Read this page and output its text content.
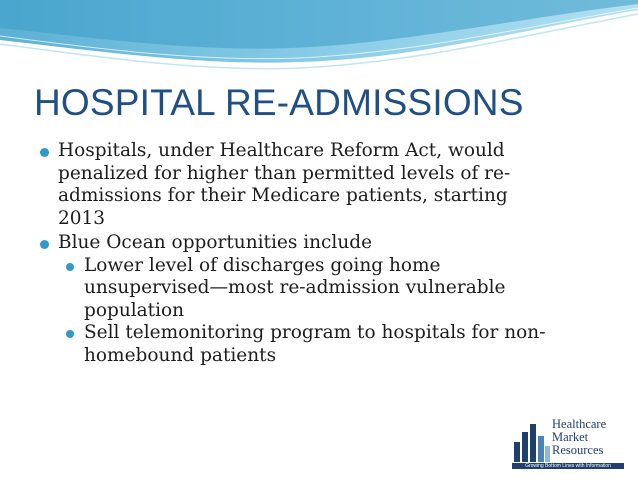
HOSPITAL RE-ADMISSIONS

Hospitals, under Healthcare Reform Act, would
penalized for higher than permitted levels of re-
admissions for their Medicare patients, starting
2013

Blue Ocean opportunities include

Lower level of discharges going home
unsupervised—most re-admission vulnerable
population

Sell telemonitoring program to hospitals for non-
homebound patients

Healthcare
Market
Resources
Growing Bottom Lines with Information
